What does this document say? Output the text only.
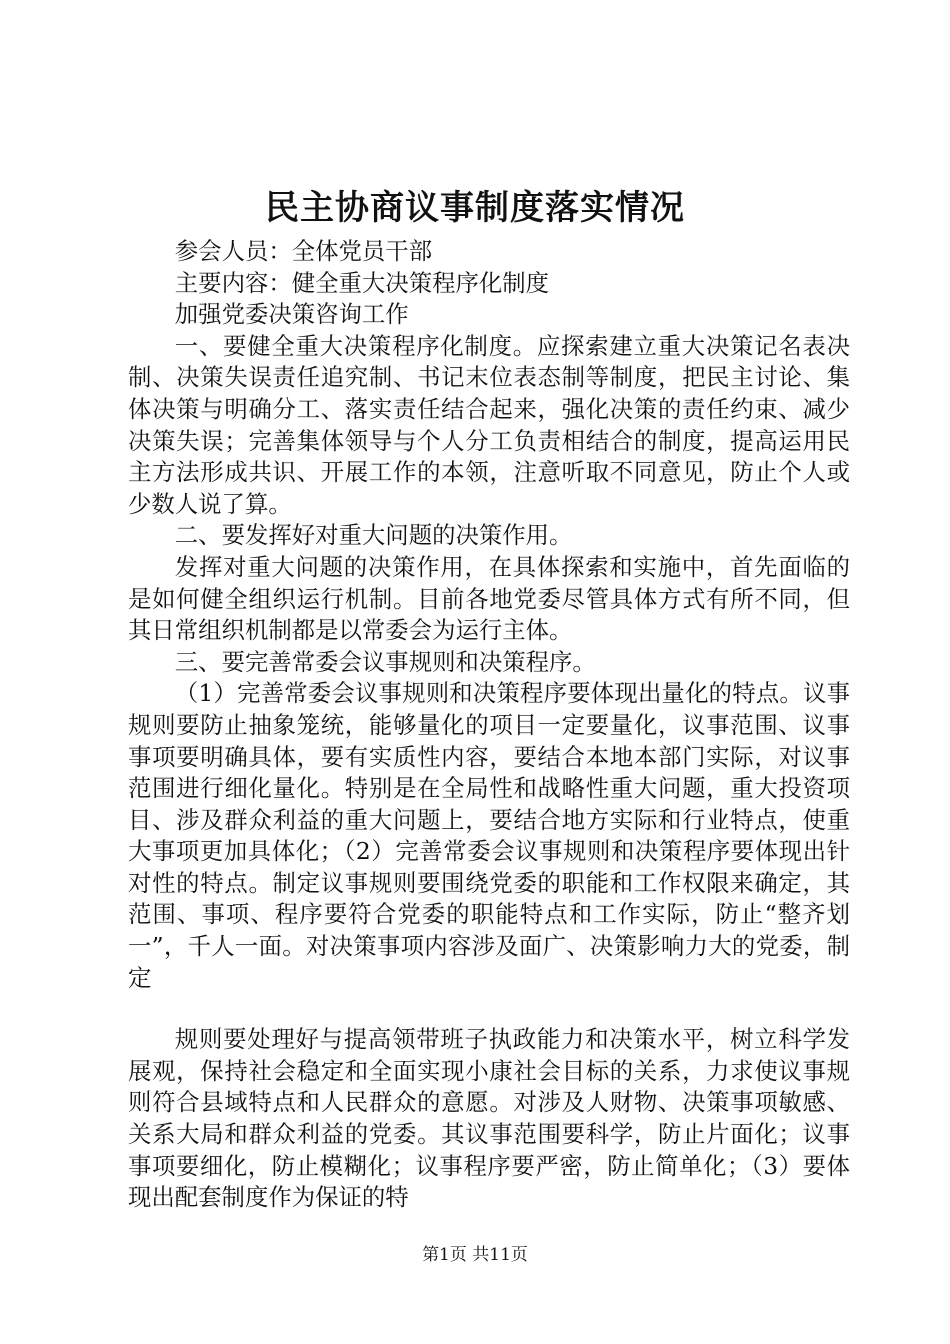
民主协商议事制度落实情况

参会人员：全体党员干部

主要内容：健全重大决策程序化制度

加强党委决策咨询工作

一、要健全重大决策程序化制度。应探索建立重大决策记名表决制、决策失误责任追究制、书记末位表态制等制度，把民主讨论、集体决策与明确分工、落实责任结合起来，强化决策的责任约束、减少决策失误；完善集体领导与个人分工负责相结合的制度，提高运用民主方法形成共识、开展工作的本领，注意听取不同意见，防止个人或少数人说了算。

二、要发挥好对重大问题的决策作用。

发挥对重大问题的决策作用，在具体探索和实施中，首先面临的是如何健全组织运行机制。目前各地党委尽管具体方式有所不同，但其日常组织机制都是以常委会为运行主体。

三、要完善常委会议事规则和决策程序。

（1）完善常委会议事规则和决策程序要体现出量化的特点。议事规则要防止抽象笼统，能够量化的项目一定要量化，议事范围、议事事项要明确具体，要有实质性内容，要结合本地本部门实际，对议事范围进行细化量化。特别是在全局性和战略性重大问题，重大投资项目、涉及群众利益的重大问题上，要结合地方实际和行业特点，使重大事项更加具体化；（2）完善常委会议事规则和决策程序要体现出针对性的特点。制定议事规则要围绕党委的职能和工作权限来确定，其范围、事项、程序要符合党委的职能特点和工作实际，防止“整齐划一”，千人一面。对决策事项内容涉及面广、决策影响力大的党委，制定

规则要处理好与提高领带班子执政能力和决策水平，树立科学发展观，保持社会稳定和全面实现小康社会目标的关系，力求使议事规则符合县域特点和人民群众的意愿。对涉及人财物、决策事项敏感、关系大局和群众利益的党委。其议事范围要科学，防止片面化；议事事项要细化，防止模糊化；议事程序要严密，防止简单化；（3）要体现出配套制度作为保证的特

第1页 共11页
